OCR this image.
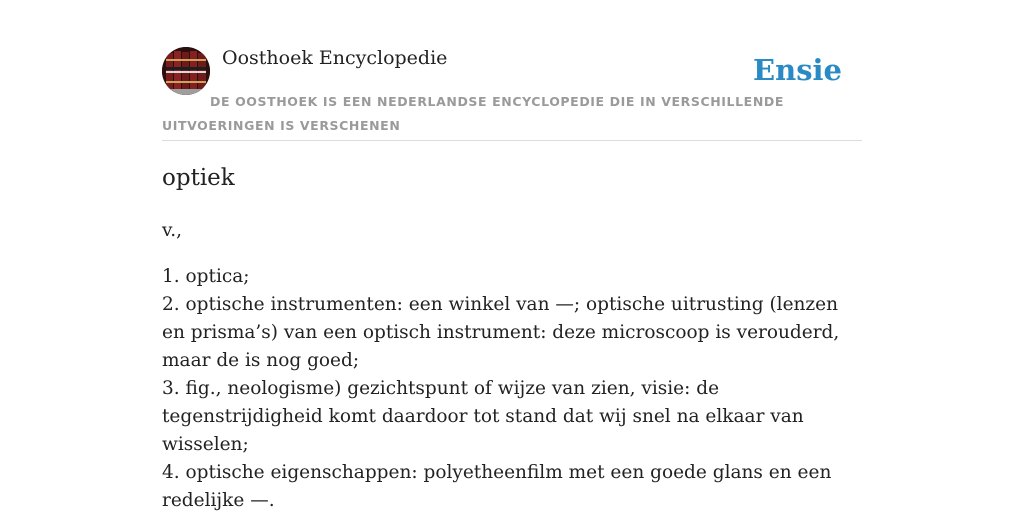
Oosthoek Encyclopedie	Ensie
DE OOSTHOEK IS EEN NEDERLANDSE ENCYCLOPEDIE DIE IN VERSCHILLENDE UITVOERINGEN IS VERSCHENEN
optiek
v.,
1. optica;
2. optische instrumenten: een winkel van —; optische uitrusting (lenzen en prisma’s) van een optisch instrument: deze microscoop is verouderd, maar de is nog goed;
3. fig., neologisme) gezichtspunt of wijze van zien, visie: de tegenstrijdigheid komt daardoor tot stand dat wij snel na elkaar van wisselen;
4. optische eigenschappen: polyetheenfilm met een goede glans en een redelijke —.
